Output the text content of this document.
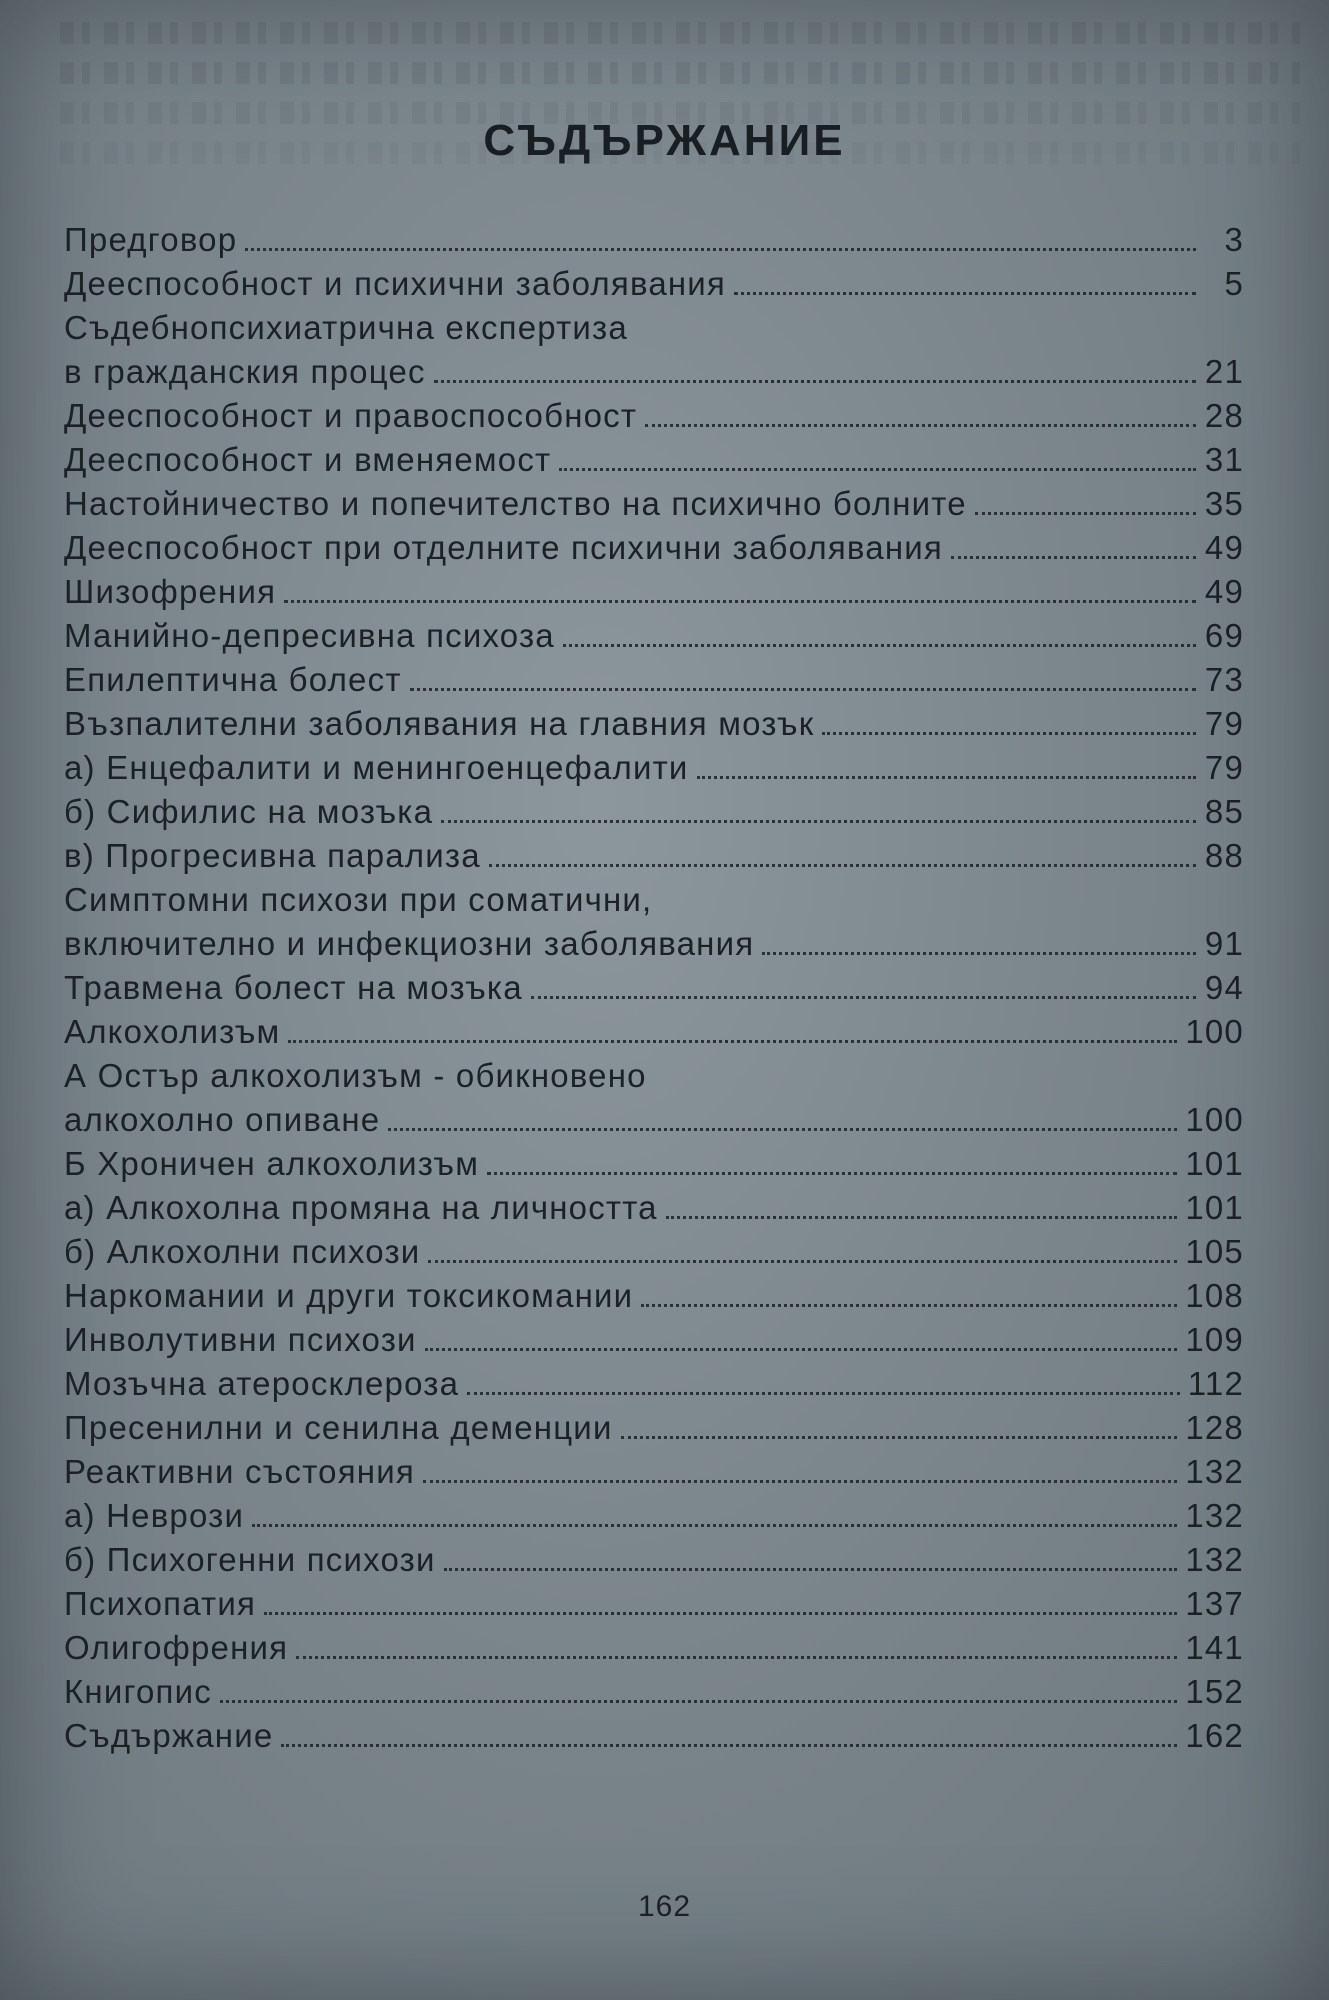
СЪДЪРЖАНИЕ
Предговор	3
Дееспособност и психични заболявания	5
Съдебнопсихиатрична експертиза
в гражданския процес	21
Дееспособност и правоспособност	28
Дееспособност и вменяемост	31
Настойничество и попечителство на психично болните	35
Дееспособност при отделните психични заболявания	49
Шизофрения	49
Манийно-депресивна психоза	69
Епилептична болест	73
Възпалителни заболявания на главния мозък	79
а) Енцефалити и менингоенцефалити	79
б) Сифилис на мозъка	85
в) Прогресивна парализа	88
Симптомни психози при соматични,
включително и инфекциозни заболявания	91
Травмена болест на мозъка	94
Алкохолизъм	100
А Остър алкохолизъм - обикновено
алкохолно опиване	100
Б Хроничен алкохолизъм	101
а) Алкохолна промяна на личността	101
б) Алкохолни психози	105
Наркомании и други токсикомании	108
Инволутивни психози	109
Мозъчна атеросклероза	112
Пресенилни и сенилна деменции	128
Реактивни състояния	132
а) Неврози	132
б) Психогенни психози	132
Психопатия	137
Олигофрения	141
Книгопис	152
Съдържание	162
162
